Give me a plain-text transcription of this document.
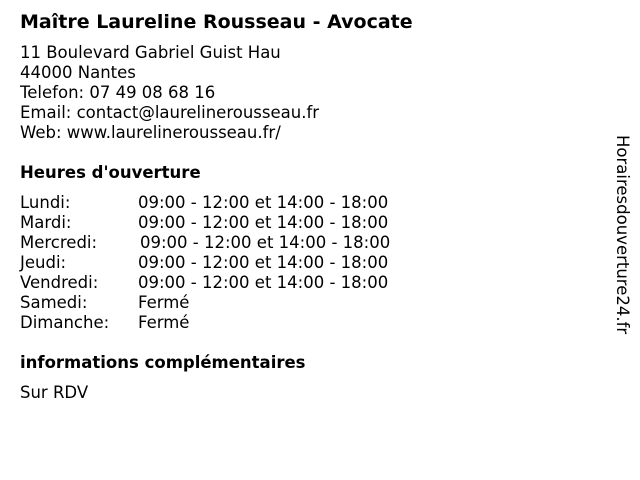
Maître Laureline Rousseau - Avocate
11 Boulevard Gabriel Guist Hau
44000 Nantes
Telefon: 07 49 08 68 16
Email: contact@laurelinerousseau.fr
Web: www.laurelinerousseau.fr/
Heures d'ouverture
Lundi:	09:00 - 12:00 et 14:00 - 18:00
Mardi:	09:00 - 12:00 et 14:00 - 18:00
Mercredi:	09:00 - 12:00 et 14:00 - 18:00
Jeudi:	09:00 - 12:00 et 14:00 - 18:00
Vendredi: 09:00 - 12:00 et 14:00 - 18:00
Samedi:	Fermé
Dimanche: Fermé
informations complémentaires
Sur RDV
Horairesdouverture24.fr
